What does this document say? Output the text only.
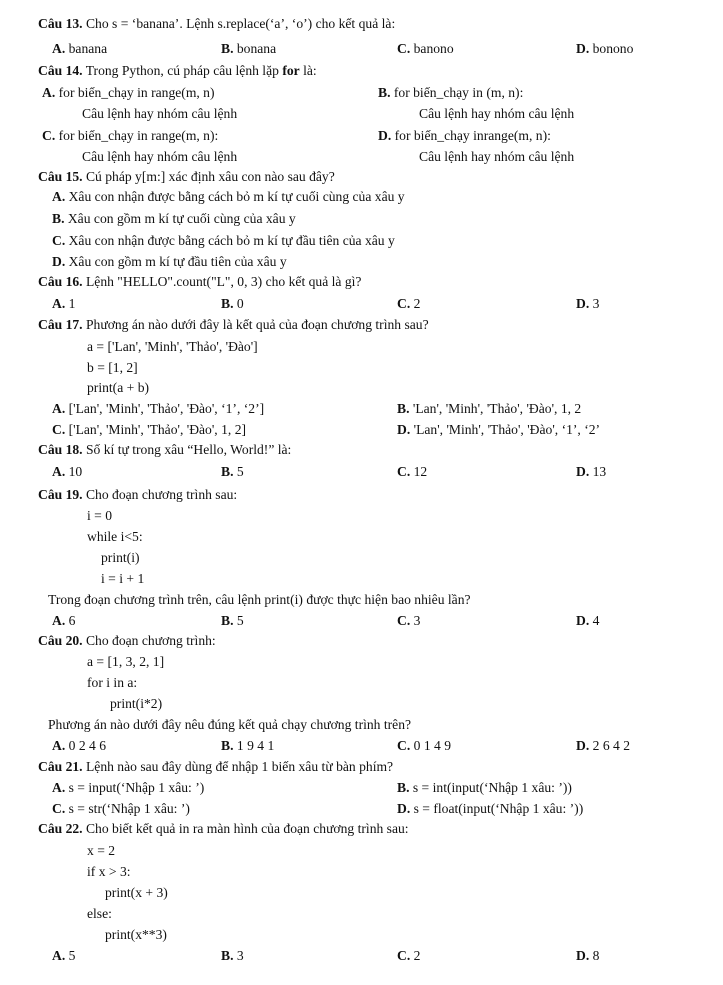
Câu 13. Cho s = ‘banana’. Lệnh s.replace(‘a’, ‘o’) cho kết quả là:
A. banana	B. bonana	C. banono	D. bonono
Câu 14. Trong Python, cú pháp câu lệnh lặp for là:
A. for biến_chạy in range(m, n)	B. for biến_chạy in (m, n):
Câu lệnh hay nhóm câu lệnh	Câu lệnh hay nhóm câu lệnh
C. for biến_chạy in range(m, n):	D. for biến_chạy inrange(m, n):
Câu lệnh hay nhóm câu lệnh	Câu lệnh hay nhóm câu lệnh
Câu 15. Cú pháp y[m:] xác định xâu con nào sau đây?
A. Xâu con nhận được bằng cách bỏ m kí tự cuối cùng của xâu y
B. Xâu con gồm m kí tự cuối cùng của xâu y
C. Xâu con nhận được bằng cách bỏ m kí tự đầu tiên của xâu y
D. Xâu con gồm m kí tự đầu tiên của xâu y
Câu 16. Lệnh "HELLO".count("L", 0, 3) cho kết quả là gì?
A. 1	B. 0	C. 2	D. 3
Câu 17. Phương án nào dưới đây là kết quả của đoạn chương trình sau?
a = ['Lan', 'Minh', 'Thảo', 'Đào']
b = [1, 2]
print(a + b)
A. ['Lan', 'Minh', 'Thảo', 'Đào', ‘1’, ‘2’]	B. 'Lan', 'Minh', 'Thảo', 'Đào', 1, 2
C. ['Lan', 'Minh', 'Thảo', 'Đào', 1, 2]	D. 'Lan', 'Minh', 'Thảo', 'Đào', ‘1’, ‘2’
Câu 18. Số kí tự trong xâu “Hello, World!” là:
A. 10	B. 5	C. 12	D. 13
Câu 19. Cho đoạn chương trình sau:
i = 0
while i<5:
print(i)
i = i + 1
Trong đoạn chương trình trên, câu lệnh print(i) được thực hiện bao nhiêu lần?
A. 6	B. 5	C. 3	D. 4
Câu 20. Cho đoạn chương trình:
a = [1, 3, 2, 1]
for i in a:
print(i*2)
Phương án nào dưới đây nêu đúng kết quả chạy chương trình trên?
A. 0 2 4 6	B. 1 9 4 1	C. 0 1 4 9	D. 2 6 4 2
Câu 21. Lệnh nào sau đây dùng để nhập 1 biến xâu từ bàn phím?
A. s = input(‘Nhập 1 xâu: ’)	B. s = int(input(‘Nhập 1 xâu: ’))
C. s = str(‘Nhập 1 xâu: ’)	D. s = float(input(‘Nhập 1 xâu: ’))
Câu 22. Cho biết kết quả in ra màn hình của đoạn chương trình sau:
x = 2
if x > 3:
print(x + 3)
else:
print(x**3)
A. 5	B. 3	C. 2	D. 8
